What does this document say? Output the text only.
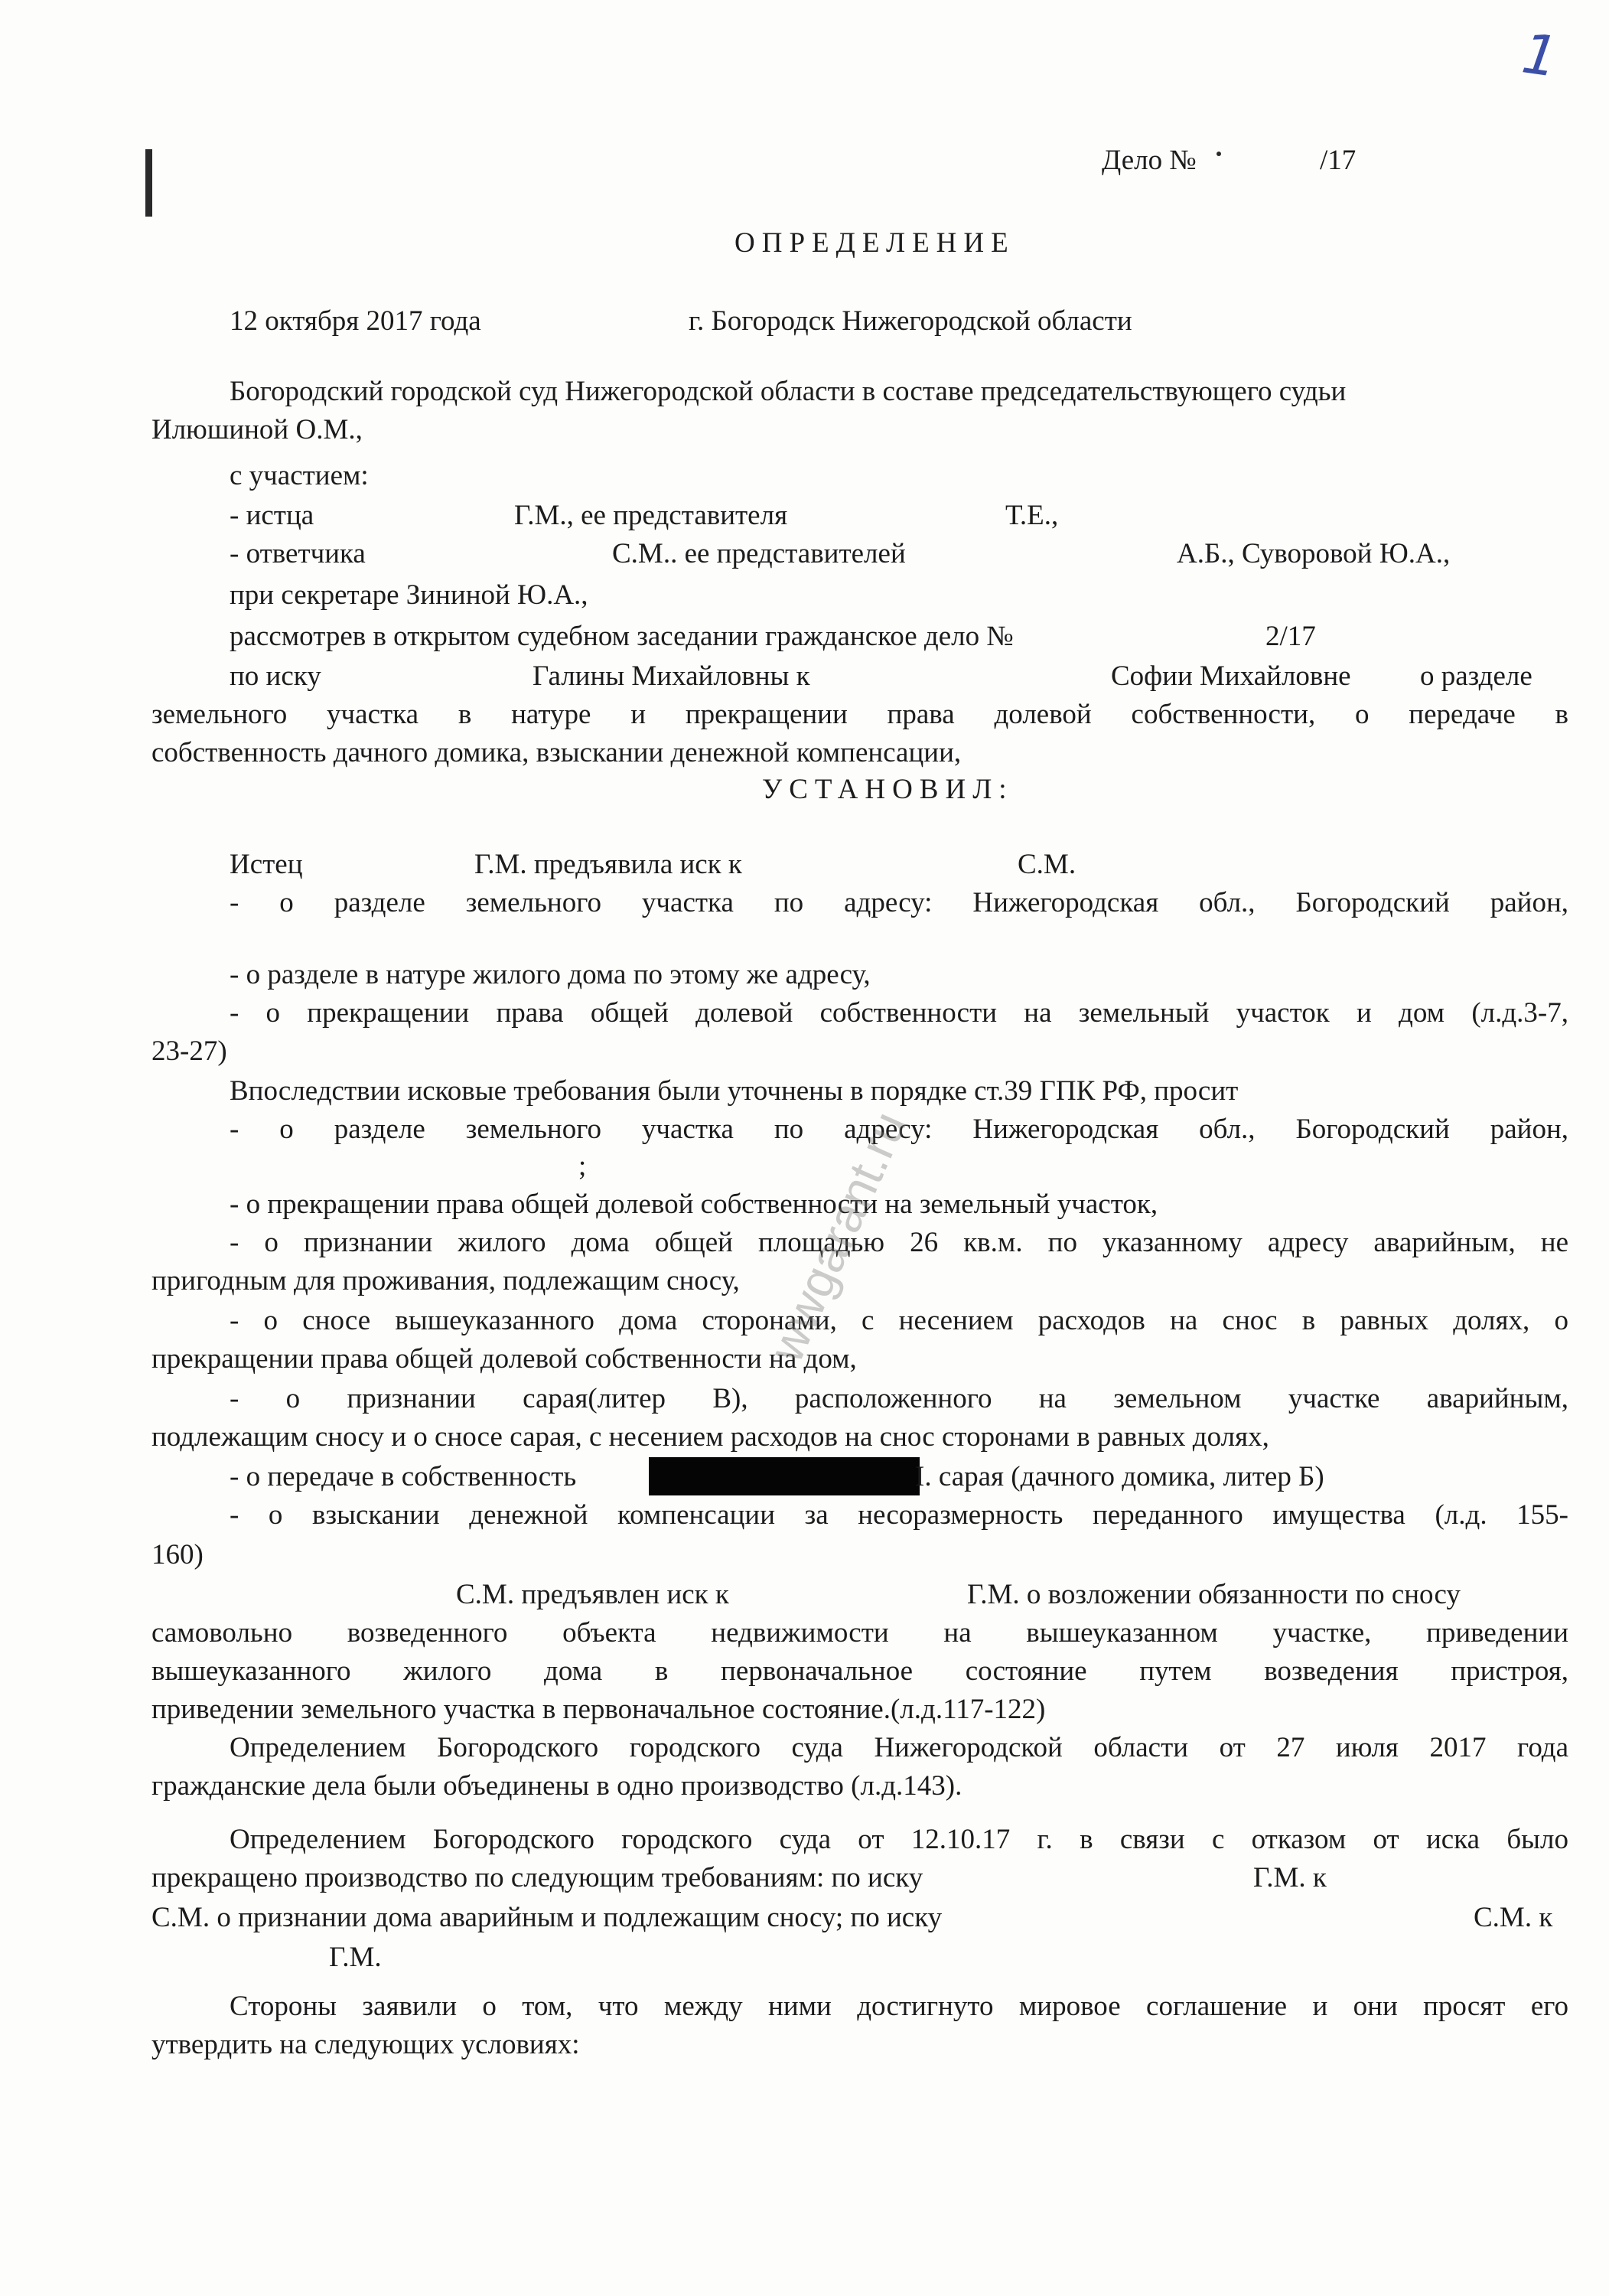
1
Дело №	/17
ОПРЕДЕЛЕНИЕ
12 октября 2017 года	г. Богородск Нижегородской области
Богородский городской суд Нижегородской области в составе председательствующего судьи
Илюшиной О.М.,
с участием:
- истца	Г.М., ее представителя	Т.Е.,
- ответчика	С.М.. ее представителей	А.Б., Суворовой Ю.А.,
при секретаре Зининой Ю.А.,
рассмотрев в открытом судебном заседании гражданское дело №	2/17
по иску	Галины Михайловны к	Софии Михайловне о разделе
земельного участка в натуре и прекращении права долевой собственности, о передаче в
собственность дачного домика, взыскании денежной компенсации,
УСТАНОВИЛ:
Истец	Г.М. предъявила иск к	С.М.
- о разделе земельного участка по адресу: Нижегородская обл., Богородский район,
- о разделе в натуре жилого дома по этому же адресу,
- о прекращении права общей долевой собственности на земельный участок и дом (л.д.3-7,
23-27)
Впоследствии исковые требования были уточнены в порядке ст.39 ГПК РФ, просит
- о разделе земельного участка по адресу: Нижегородская обл., Богородский район,
;
- о прекращении права общей долевой собственности на земельный участок,
- о признании жилого дома общей площадью 26 кв.м. по указанному адресу аварийным, не
пригодным для проживания, подлежащим сносу,
- о сносе вышеуказанного дома сторонами, с несением расходов на снос в равных долях, о
прекращении права общей долевой собственности на дом,
- о признании сарая(литер В), расположенного на земельном участке аварийным,
подлежащим сносу и о сносе сарая, с несением расходов на снос сторонами в равных долях,
- о передаче в собственность	I. сарая (дачного домика, литер Б)
- о взыскании денежной компенсации за несоразмерность переданного имущества (л.д. 155-
160)
С.М. предъявлен иск к	Г.М. о возложении обязанности по сносу
самовольно возведенного объекта недвижимости на вышеуказанном участке, приведении
вышеуказанного жилого дома в первоначальное состояние путем возведения пристроя,
приведении земельного участка в первоначальное состояние.(л.д.117-122)
Определением Богородского городского суда Нижегородской области от 27 июля 2017 года
гражданские дела были объединены в одно производство (л.д.143).
Определением Богородского городского суда от 12.10.17 г. в связи с отказом от иска было
прекращено производство по следующим требованиям: по иску	Г.М. к
С.М. о признании дома аварийным и подлежащим сносу; по иску	С.М. к
Г.М.
Стороны заявили о том, что между ними достигнуто мировое соглашение и они просят его
утвердить на следующих условиях:
wwgarant.ru
